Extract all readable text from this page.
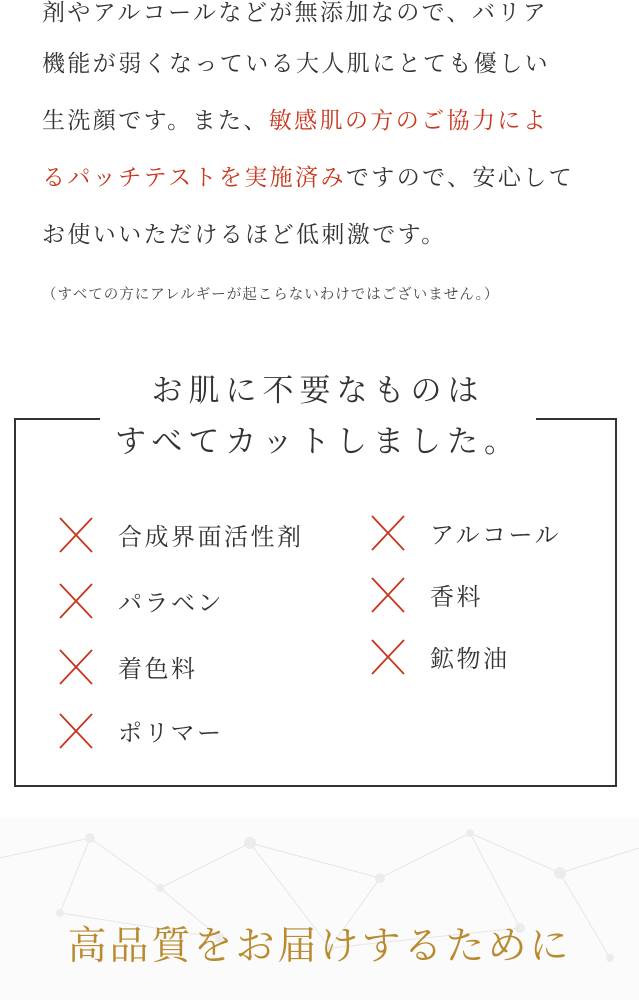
剤やアルコールなどが無添加なので、バリア

機能が弱くなっている大人肌にとても優しい

生洗顔です。また、敏感肌の方のご協力によ

るパッチテストを実施済みですので、安心して

お使いいただけるほど低刺激です。

（すべての方にアレルギーが起こらないわけではございません。）
お肌に不要なものは
すべてカットしました。
合成界面活性剤
パラベン
着色料
ポリマー
アルコール
香料
鉱物油
高品質をお届けするために
